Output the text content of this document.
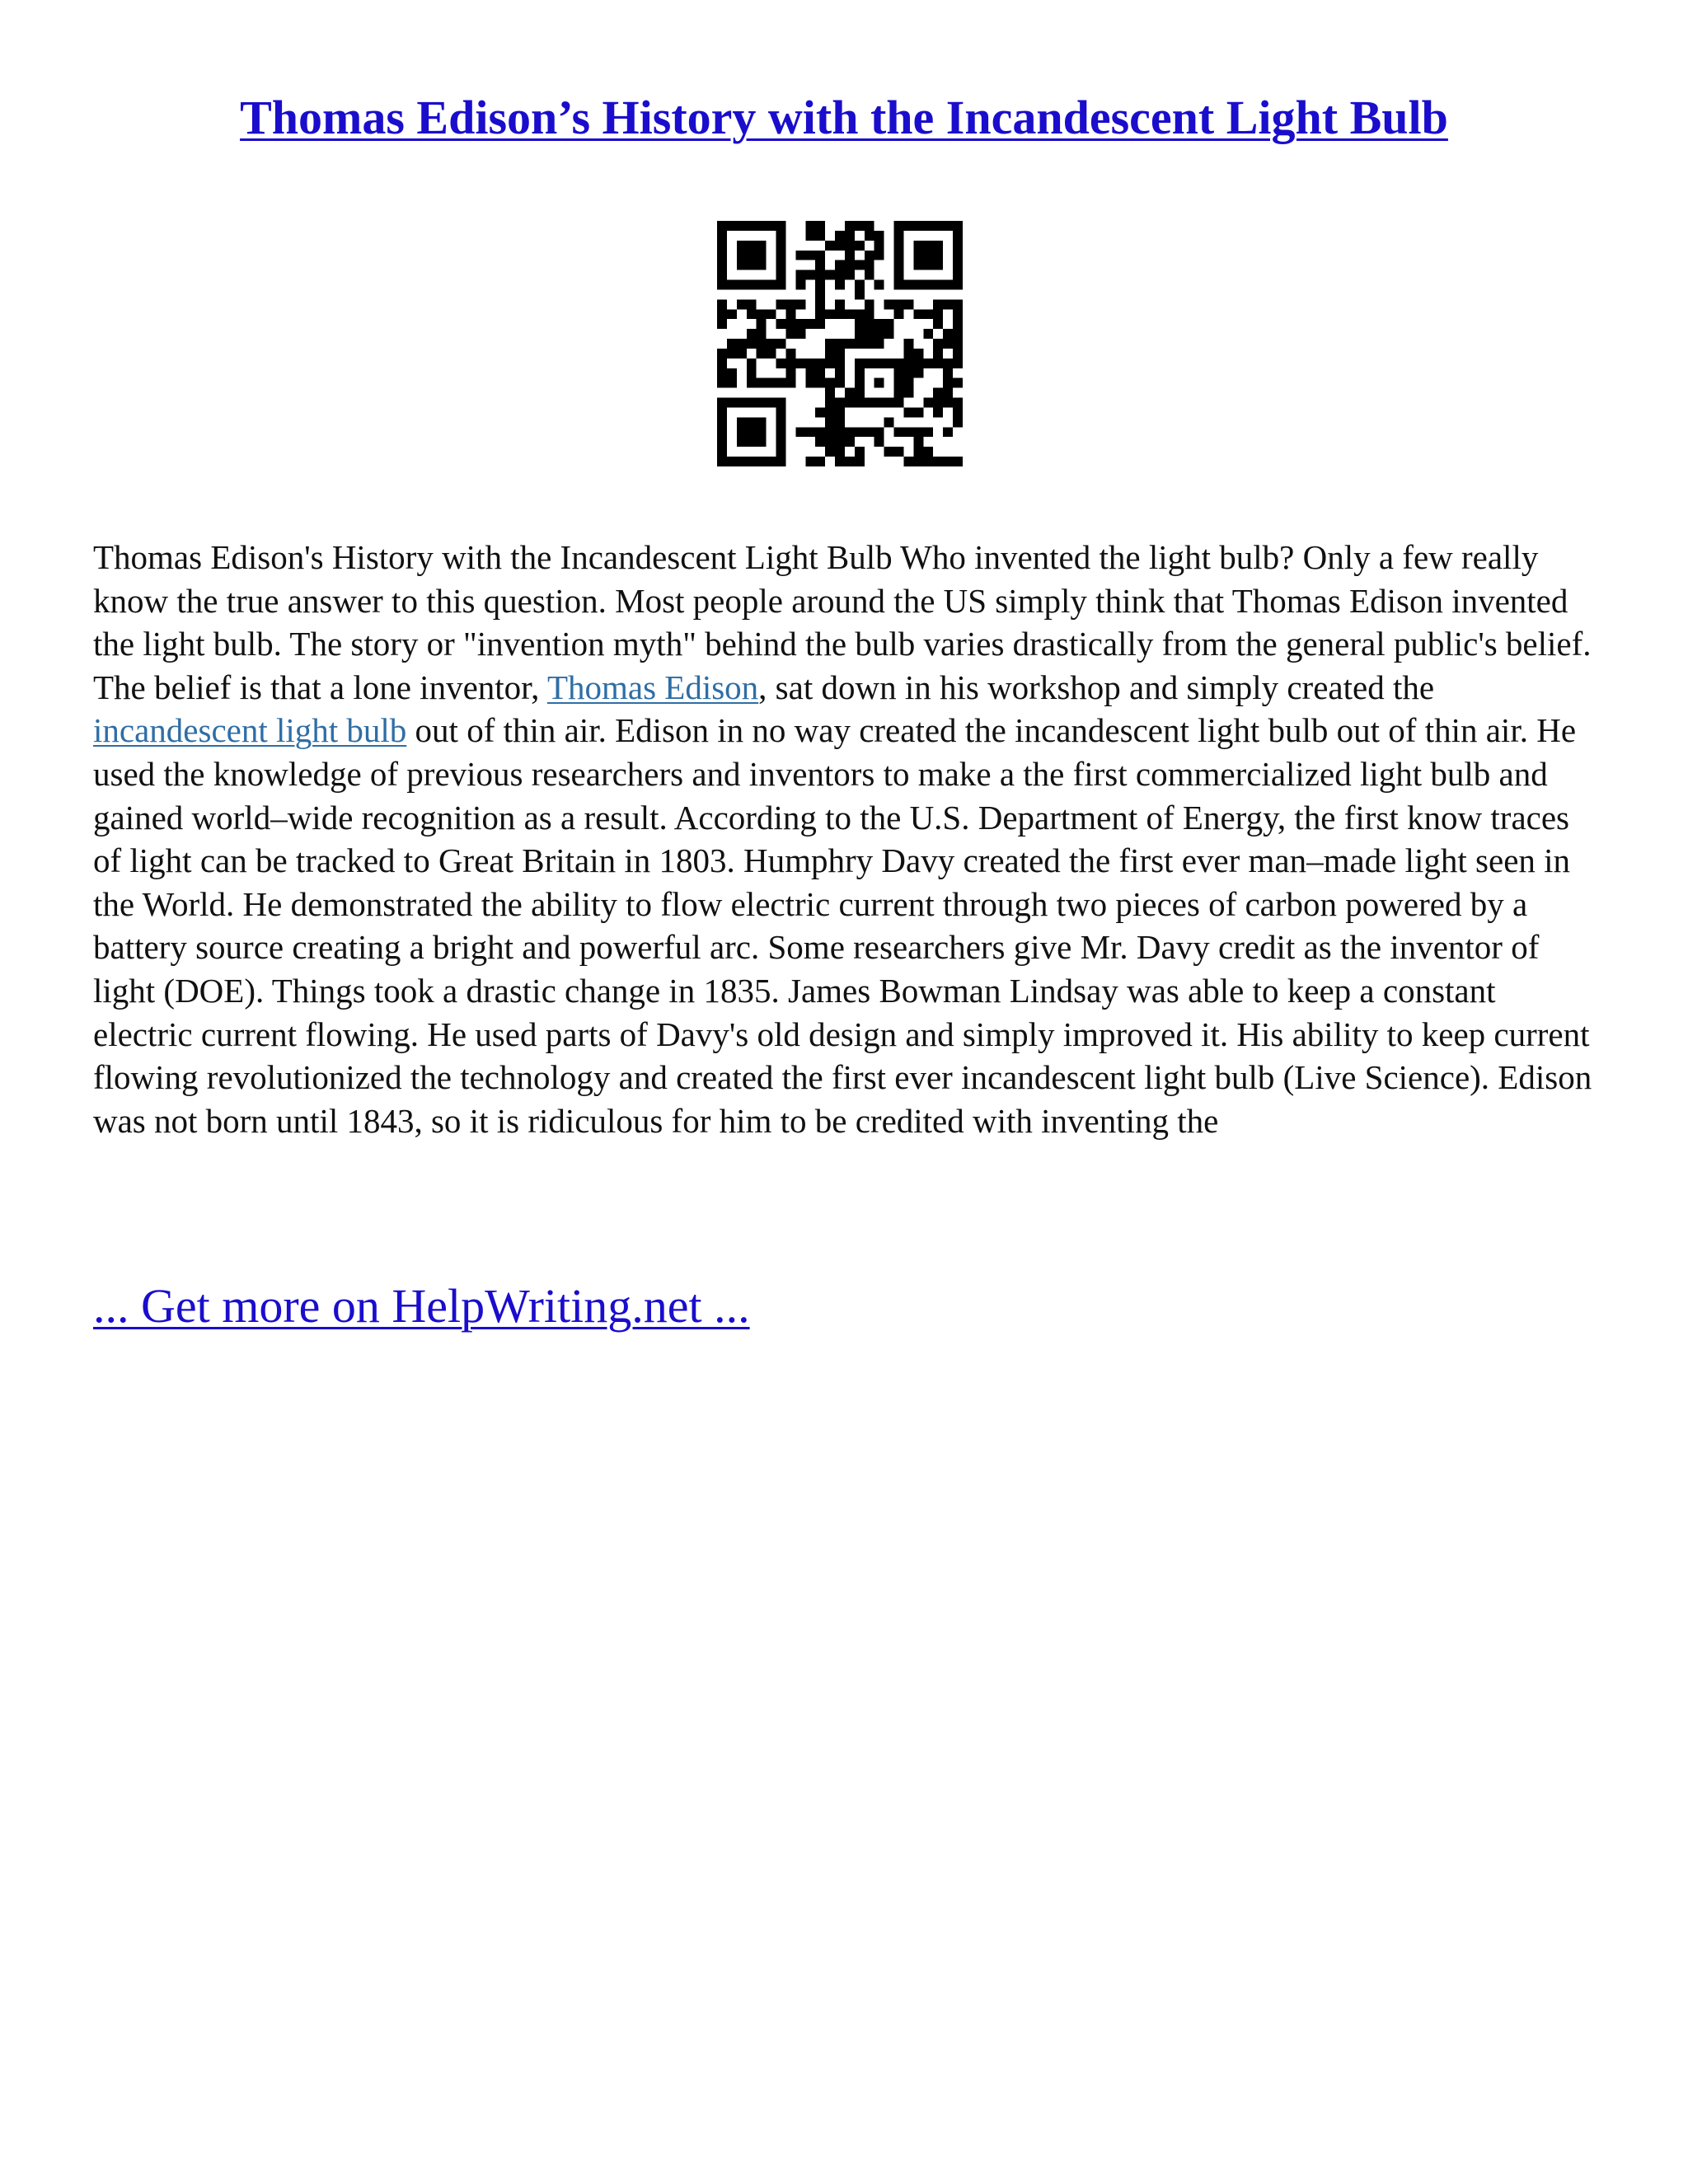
Thomas Edison’s History with the Incandescent Light Bulb

Thomas Edison's History with the Incandescent Light Bulb Who invented the light bulb? Only a few really know the true answer to this question. Most people around the US simply think that Thomas Edison invented the light bulb. The story or "invention myth" behind the bulb varies drastically from the general public's belief. The belief is that a lone inventor, Thomas Edison, sat down in his workshop and simply created the incandescent light bulb out of thin air. Edison in no way created the incandescent light bulb out of thin air. He used the knowledge of previous researchers and inventors to make a the first commercialized light bulb and gained world–wide recognition as a result. According to the U.S. Department of Energy, the first know traces of light can be tracked to Great Britain in 1803. Humphry Davy created the first ever man–made light seen in the World. He demonstrated the ability to flow electric current through two pieces of carbon powered by a battery source creating a bright and powerful arc. Some researchers give Mr. Davy credit as the inventor of light (DOE). Things took a drastic change in 1835. James Bowman Lindsay was able to keep a constant electric current flowing. He used parts of Davy's old design and simply improved it. His ability to keep current flowing revolutionized the technology and created the first ever incandescent light bulb (Live Science). Edison was not born until 1843, so it is ridiculous for him to be credited with inventing the

... Get more on HelpWriting.net ...
